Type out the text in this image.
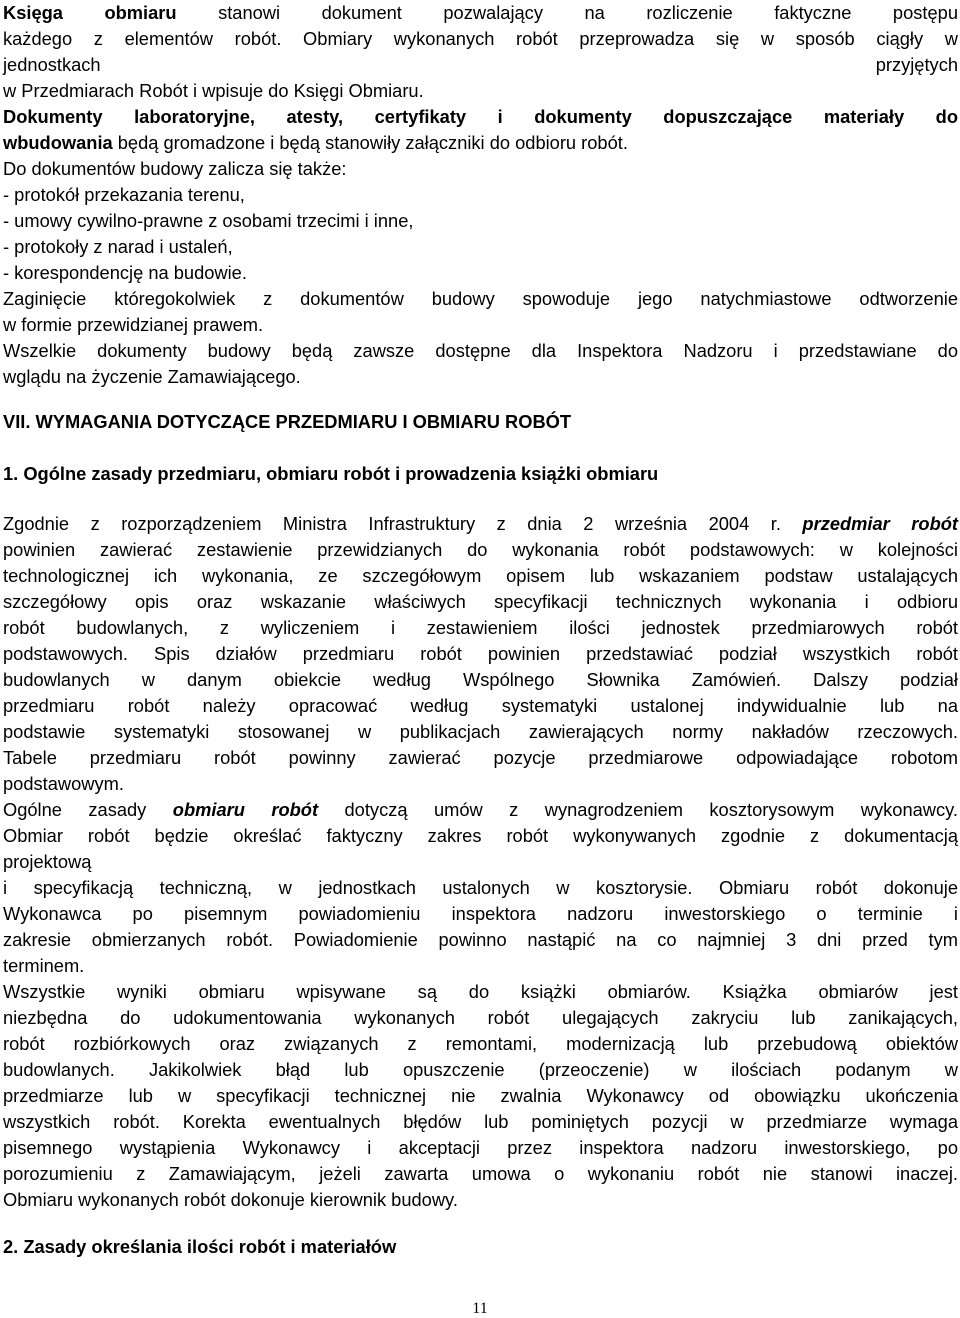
Księga obmiaru stanowi dokument pozwalający na rozliczenie faktyczne postępu
każdego z elementów robót. Obmiary wykonanych robót przeprowadza się w sposób ciągły w
jednostkach	przyjętych
w Przedmiarach Robót i wpisuje do Księgi Obmiaru.

Dokumenty laboratoryjne, atesty, certyfikaty i dokumenty dopuszczające materiały do
wbudowania będą gromadzone i będą stanowiły załączniki do odbioru robót.

Do dokumentów budowy zalicza się także:
- protokół przekazania terenu,
- umowy cywilno-prawne z osobami trzecimi i inne,
- protokoły z narad i ustaleń,
- korespondencję na budowie.

Zaginięcie któregokolwiek z dokumentów budowy spowoduje jego natychmiastowe odtworzenie
w formie przewidzianej prawem.

Wszelkie dokumenty budowy będą zawsze dostępne dla Inspektora Nadzoru i przedstawiane do
wglądu na życzenie Zamawiającego.

VII. WYMAGANIA DOTYCZĄCE PRZEDMIARU I OBMIARU ROBÓT
1. Ogólne zasady przedmiaru, obmiaru robót i prowadzenia książki obmiaru

Zgodnie z rozporządzeniem Ministra Infrastruktury z dnia 2 września 2004 r. przedmiar robót
powinien zawierać zestawienie przewidzianych do wykonania robót podstawowych: w kolejności
technologicznej ich wykonania, ze szczegółowym opisem lub wskazaniem podstaw ustalających
szczegółowy opis oraz wskazanie właściwych specyfikacji technicznych wykonania i odbioru
robót budowlanych, z wyliczeniem i zestawieniem ilości jednostek przedmiarowych robót
podstawowych. Spis działów przedmiaru robót powinien przedstawiać podział wszystkich robót
budowlanych w danym obiekcie według Wspólnego Słownika Zamówień. Dalszy podział
przedmiaru robót należy opracować według systematyki ustalonej indywidualnie lub na
podstawie systematyki stosowanej w publikacjach zawierających normy nakładów rzeczowych.

Tabele przedmiaru robót powinny zawierać pozycje przedmiarowe odpowiadające robotom
podstawowym.

Ogólne zasady obmiaru robót dotyczą umów z wynagrodzeniem kosztorysowym wykonawcy.

Obmiar robót będzie określać faktyczny zakres robót wykonywanych zgodnie z dokumentacją
projektową
i specyfikacją techniczną, w jednostkach ustalonych w kosztorysie. Obmiaru robót dokonuje
Wykonawca po pisemnym powiadomieniu inspektora nadzoru inwestorskiego o terminie i
zakresie obmierzanych robót. Powiadomienie powinno nastąpić na co najmniej 3 dni przed tym
terminem.

Wszystkie wyniki obmiaru wpisywane są do książki obmiarów. Książka obmiarów jest
niezbędna do udokumentowania wykonanych robót ulegających zakryciu lub zanikających,
robót rozbiórkowych oraz związanych z remontami, modernizacją lub przebudową obiektów
budowlanych. Jakikolwiek błąd lub opuszczenie (przeoczenie) w ilościach podanym w
przedmiarze lub w specyfikacji technicznej nie zwalnia Wykonawcy od obowiązku ukończenia
wszystkich robót. Korekta ewentualnych błędów lub pominiętych pozycji w przedmiarze wymaga
pisemnego wystąpienia Wykonawcy i akceptacji przez inspektora nadzoru inwestorskiego, po
porozumieniu z Zamawiającym, jeżeli zawarta umowa o wykonaniu robót nie stanowi inaczej.
Obmiaru wykonanych robót dokonuje kierownik budowy.

2. Zasady określania ilości robót i materiałów
11
